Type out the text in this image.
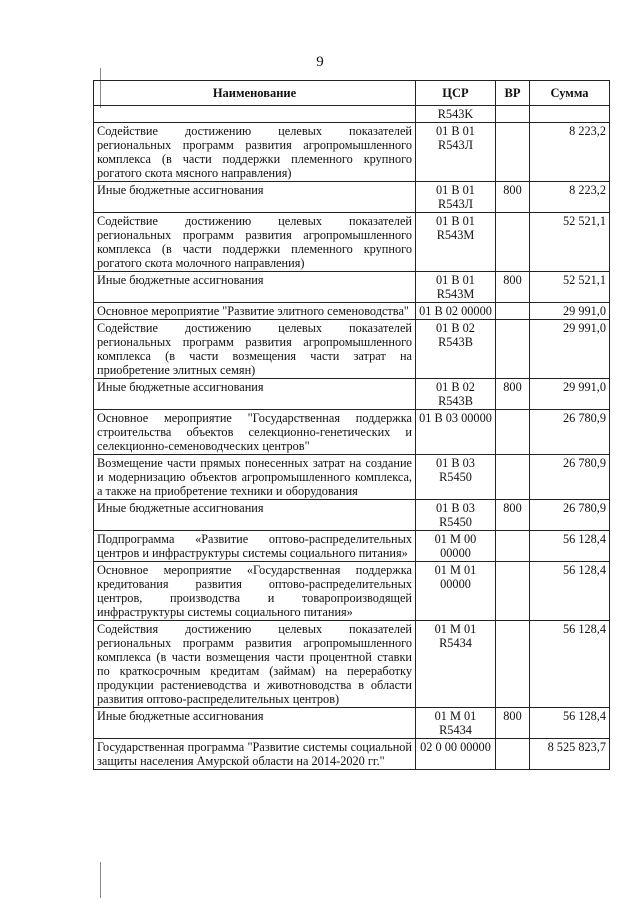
9
Наименование	ЦСР	ВР	Сумма
	R543K		
Содействие достижению целевых показателей региональных программ развития агропромышленного комплекса (в части поддержки племенного крупного рогатого скота мясного направления)	01 В 01 R543Л		8 223,2
Иные бюджетные ассигнования	01 В 01 R543Л	800	8 223,2
Содействие достижению целевых показателей региональных программ развития агропромышленного комплекса (в части поддержки племенного крупного рогатого скота молочного направления)	01 В 01 R543M		52 521,1
Иные бюджетные ассигнования	01 В 01 R543M	800	52 521,1
Основное мероприятие "Развитие элитного семеноводства"	01 В 02 00000		29 991,0
Содействие достижению целевых показателей региональных программ развития агропромышленного комплекса (в части возмещения части затрат на приобретение элитных семян)	01 В 02 R543B		29 991,0
Иные бюджетные ассигнования	01 В 02 R543B	800	29 991,0
Основное мероприятие "Государственная поддержка строительства объектов селекционно-генетических и селекционно-семеноводческих центров"	01 В 03 00000		26 780,9
Возмещение части прямых понесенных затрат на создание и модернизацию объектов агропромышленного комплекса, а также на приобретение техники и оборудования	01 В 03 R5450		26 780,9
Иные бюджетные ассигнования	01 В 03 R5450	800	26 780,9
Подпрограмма «Развитие оптово-распределительных центров и инфраструктуры системы социального питания»	01 М 00 00000		56 128,4
Основное мероприятие «Государственная поддержка кредитования развития оптово-распределительных центров, производства и товаропроизводящей инфраструктуры системы социального питания»	01 М 01 00000		56 128,4
Содействия достижению целевых показателей региональных программ развития агропромышленного комплекса (в части возмещения части процентной ставки по краткосрочным кредитам (займам) на переработку продукции растениеводства и животноводства в области развития оптово-распределительных центров)	01 М 01 R5434		56 128,4
Иные бюджетные ассигнования	01 М 01 R5434	800	56 128,4
Государственная программа "Развитие системы социальной защиты населения Амурской области на 2014-2020 гг."	02 0 00 00000		8 525 823,7
